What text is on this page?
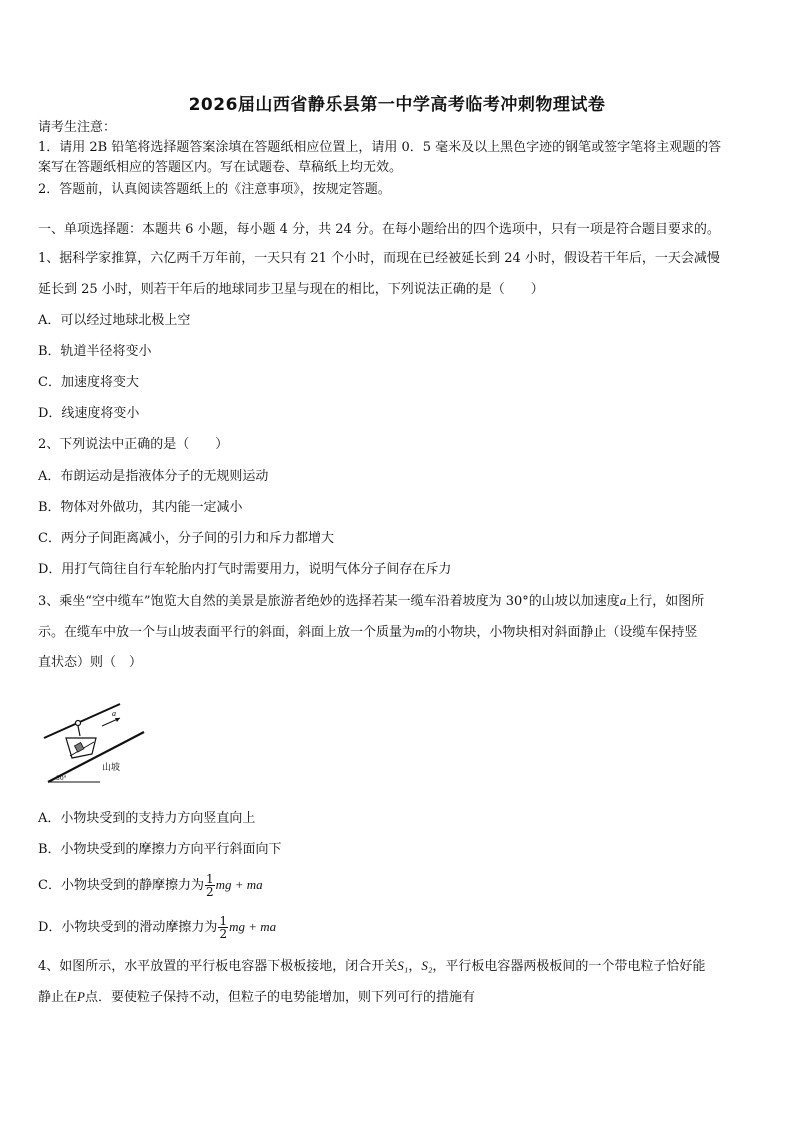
2026届山西省静乐县第一中学高考临考冲刺物理试卷
请考生注意：
1．请用 2B 铅笔将选择题答案涂填在答题纸相应位置上，请用 0．5 毫米及以上黑色字迹的钢笔或签字笔将主观题的答
案写在答题纸相应的答题区内。写在试题卷、草稿纸上均无效。
2．答题前，认真阅读答题纸上的《注意事项》，按规定答题。
一、单项选择题：本题共 6 小题，每小题 4 分，共 24 分。在每小题给出的四个选项中，只有一项是符合题目要求的。
1、据科学家推算，六亿两千万年前，一天只有 21 个小时，而现在已经被延长到 24 小时，假设若干年后，一天会减慢
延长到 25 小时，则若干年后的地球同步卫星与现在的相比，下列说法正确的是（　　）
A．可以经过地球北极上空
B．轨道半径将变小
C．加速度将变大
D．线速度将变小
2、下列说法中正确的是（　　）
A．布朗运动是指液体分子的无规则运动
B．物体对外做功，其内能一定减小
C．两分子间距离减小，分子间的引力和斥力都增大
D．用打气筒往自行车轮胎内打气时需要用力，说明气体分子间存在斥力
3、乘坐“空中缆车”饱览大自然的美景是旅游者绝妙的选择若某一缆车沿着坡度为 30°的山坡以加速度a上行，如图所
示。在缆车中放一个与山坡表面平行的斜面，斜面上放一个质量为m的小物块，小物块相对斜面静止（设缆车保持竖
直状态）则（　）
a
30°
山坡
A．小物块受到的支持力方向竖直向上
B．小物块受到的摩擦力方向平行斜面向下
C．小物块受到的静摩擦力为 $\frac{1}{2}$ mg + ma
D．小物块受到的滑动摩擦力为 $\frac{1}{2}$ mg + ma
4、如图所示，水平放置的平行板电容器下极板接地，闭合开关S₁，S₂，平行板电容器两极板间的一个带电粒子恰好能
静止在P点．要使粒子保持不动，但粒子的电势能增加，则下列可行的措施有
